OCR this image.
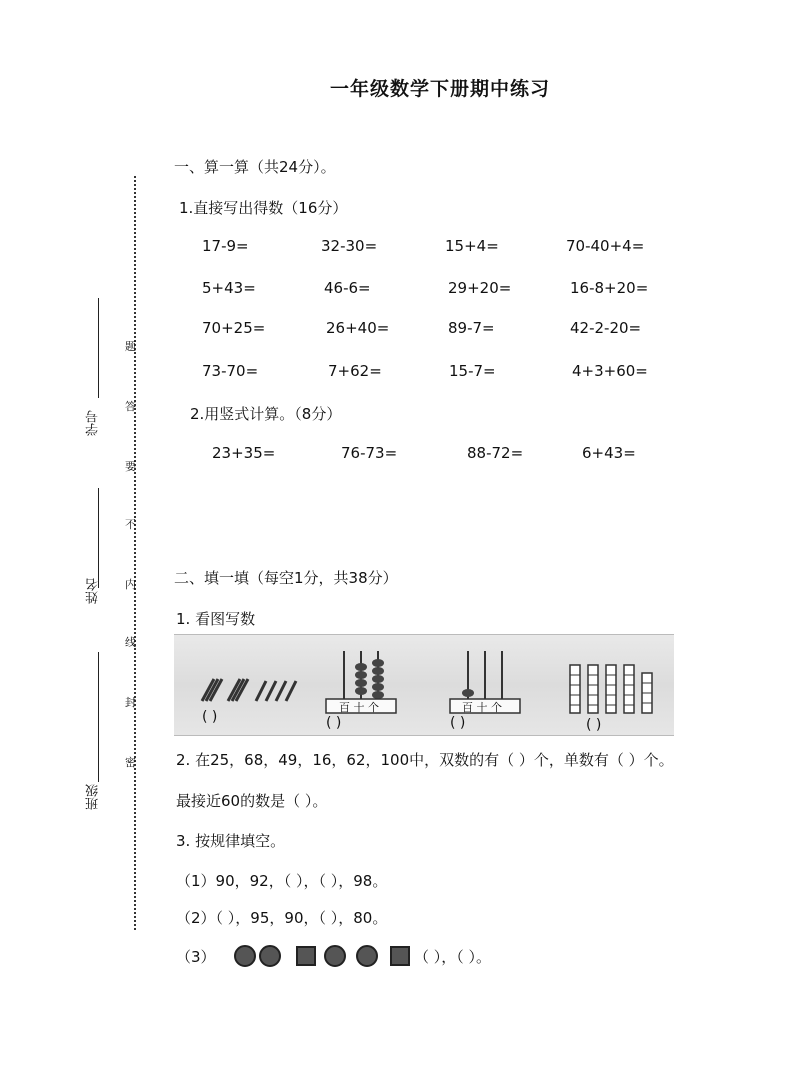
一年级数学下册期中练习
学号
姓名
班级
题
答
要
不
内
线
封
密
一、算一算（共24分）。
1.直接写出得数（16分）
17-9=	32-30=	15+4=	70-40+4=
5+43=	46-6=	29+20=	16-8+20=
70+25=	26+40=	89-7=	42-2-20=
73-70=	7+62=	15-7=	4+3+60=
2.用竖式计算。（8分）
23+35=	76-73=	88-72=	6+43=
二、填一填（每空1分，共38分）
1. 看图写数
( )
百 十 个
( )
百 十 个
( )	( )
2. 在25，68，49，16，62，100中，双数的有（ ）个，单数有（ ）个。
最接近60的数是（ ）。
3. 按规律填空。
（1）90，92，（ ），（ ），98。
（2）（ ），95，90，（ ），80。
（3）	（ ），（ ）。
